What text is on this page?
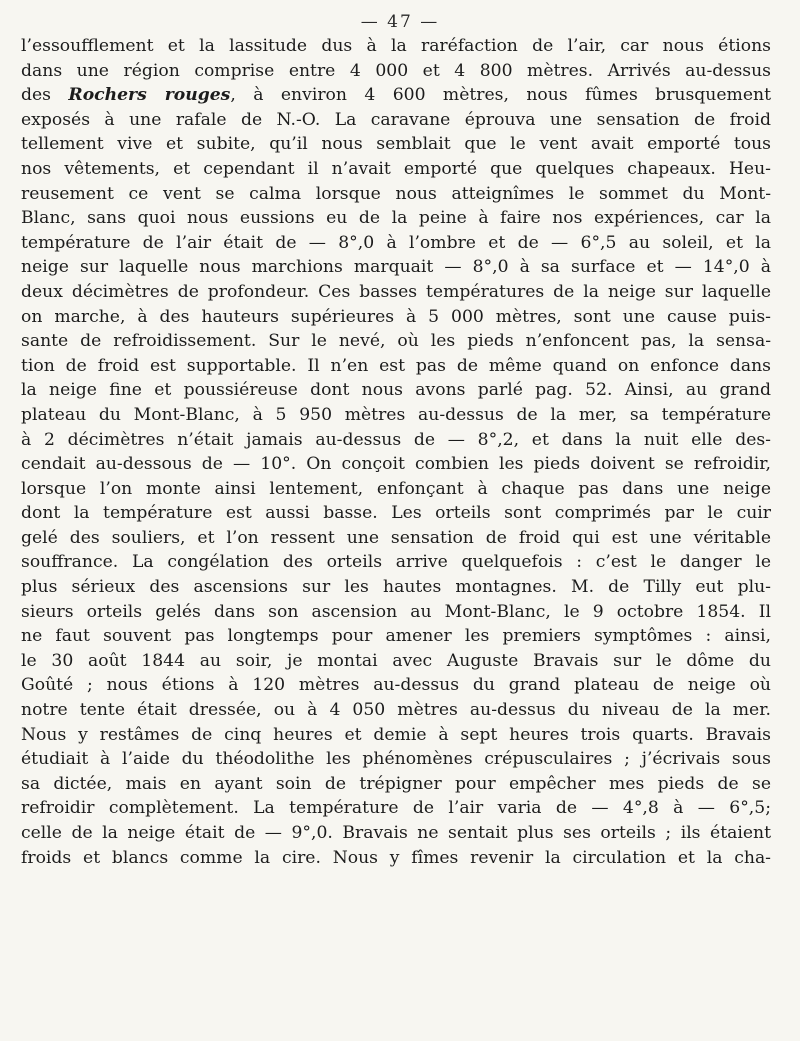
— 47 —
l’essoufflement et la lassitude dus à la raréfaction de l’air, car nous étions
dans une région comprise entre 4 000 et 4 800 mètres. Arrivés au-dessus
des Rochers rouges, à environ 4 600 mètres, nous fûmes brusquement
exposés à une rafale de N.-O. La caravane éprouva une sensation de froid
tellement vive et subite, qu’il nous semblait que le vent avait emporté tous
nos vêtements, et cependant il n’avait emporté que quelques chapeaux. Heu-
reusement ce vent se calma lorsque nous atteignîmes le sommet du Mont-
Blanc, sans quoi nous eussions eu de la peine à faire nos expériences, car la
température de l’air était de — 8°,0 à l’ombre et de — 6°,5 au soleil, et la
neige sur laquelle nous marchions marquait — 8°,0 à sa surface et — 14°,0 à
deux décimètres de profondeur. Ces basses températures de la neige sur laquelle
on marche, à des hauteurs supérieures à 5 000 mètres, sont une cause puis-
sante de refroidissement. Sur le nevé, où les pieds n’enfoncent pas, la sensa-
tion de froid est supportable. Il n’en est pas de même quand on enfonce dans
la neige fine et poussiéreuse dont nous avons parlé pag. 52. Ainsi, au grand
plateau du Mont-Blanc, à 5 950 mètres au-dessus de la mer, sa température
à 2 décimètres n’était jamais au-dessus de — 8°,2, et dans la nuit elle des-
cendait au-dessous de — 10°. On conçoit combien les pieds doivent se refroidir,
lorsque l’on monte ainsi lentement, enfonçant à chaque pas dans une neige
dont la température est aussi basse. Les orteils sont comprimés par le cuir
gelé des souliers, et l’on ressent une sensation de froid qui est une véritable
souffrance. La congélation des orteils arrive quelquefois : c’est le danger le
plus sérieux des ascensions sur les hautes montagnes. M. de Tilly eut plu-
sieurs orteils gelés dans son ascension au Mont-Blanc, le 9 octobre 1854. Il
ne faut souvent pas longtemps pour amener les premiers symptômes : ainsi,
le 30 août 1844 au soir, je montai avec Auguste Bravais sur le dôme du
Goûté ; nous étions à 120 mètres au-dessus du grand plateau de neige où
notre tente était dressée, ou à 4 050 mètres au-dessus du niveau de la mer.
Nous y restâmes de cinq heures et demie à sept heures trois quarts. Bravais
étudiait à l’aide du théodolithe les phénomènes crépusculaires ; j’écrivais sous
sa dictée, mais en ayant soin de trépigner pour empêcher mes pieds de se
refroidir complètement. La température de l’air varia de — 4°,8 à — 6°,5;
celle de la neige était de — 9°,0. Bravais ne sentait plus ses orteils ; ils étaient
froids et blancs comme la cire. Nous y fîmes revenir la circulation et la cha-
